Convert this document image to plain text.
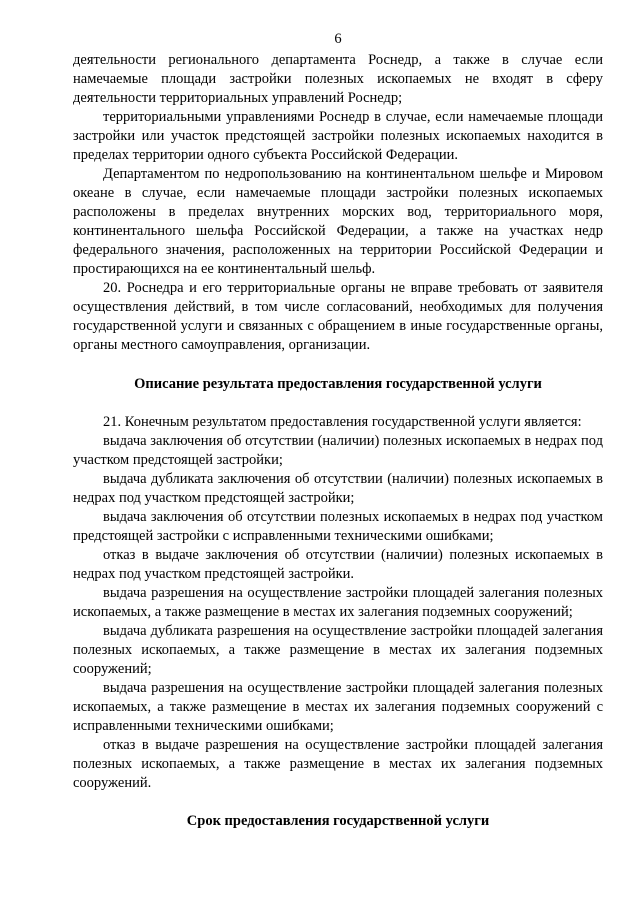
6

деятельности регионального департамента Роснедр, а также в случае если намечаемые площади застройки полезных ископаемых не входят в сферу деятельности территориальных управлений Роснедр;

территориальными управлениями Роснедр в случае, если намечаемые площади застройки или участок предстоящей застройки полезных ископаемых находится в пределах территории одного субъекта Российской Федерации.

Департаментом по недропользованию на континентальном шельфе и Мировом океане в случае, если намечаемые площади застройки полезных ископаемых расположены в пределах внутренних морских вод, территориального моря, континентального шельфа Российской Федерации, а также на участках недр федерального значения, расположенных на территории Российской Федерации и простирающихся на ее континентальный шельф.

20. Роснедра и его территориальные органы не вправе требовать от заявителя осуществления действий, в том числе согласований, необходимых для получения государственной услуги и связанных с обращением в иные государственные органы, органы местного самоуправления, организации.

Описание результата предоставления государственной услуги

21. Конечным результатом предоставления государственной услуги является:

выдача заключения об отсутствии (наличии) полезных ископаемых в недрах под участком предстоящей застройки;

выдача дубликата заключения об отсутствии (наличии) полезных ископаемых в недрах под участком предстоящей застройки;

выдача заключения об отсутствии полезных ископаемых в недрах под участком предстоящей застройки с исправленными техническими ошибками;

отказ в выдаче заключения об отсутствии (наличии) полезных ископаемых в недрах под участком предстоящей застройки.

выдача разрешения на осуществление застройки площадей залегания полезных ископаемых, а также размещение в местах их залегания подземных сооружений;

выдача дубликата разрешения на осуществление застройки площадей залегания полезных ископаемых, а также размещение в местах их залегания подземных сооружений;

выдача разрешения на осуществление застройки площадей залегания полезных ископаемых, а также размещение в местах их залегания подземных сооружений с исправленными техническими ошибками;

отказ в выдаче разрешения на осуществление застройки площадей залегания полезных ископаемых, а также размещение в местах их залегания подземных сооружений.

Срок предоставления государственной услуги
